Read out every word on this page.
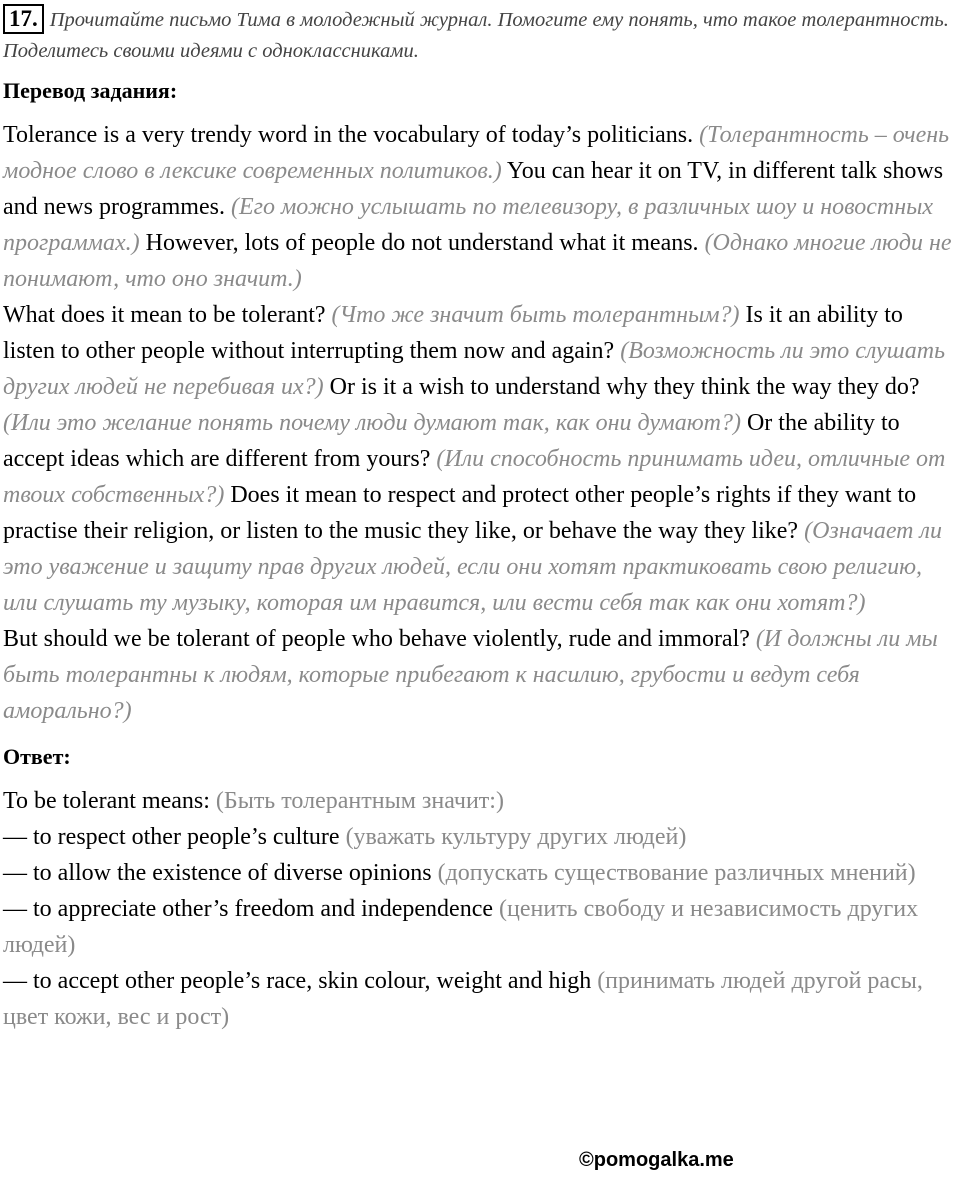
17. Прочитайте письмо Тима в молодежный журнал. Помогите ему понять, что такое толерантность. Поделитесь своими идеями с одноклассниками.
Перевод задания:

Tolerance is a very trendy word in the vocabulary of today’s politicians. (Толерантность – очень модное слово в лексике современных политиков.) You can hear it on TV, in different talk shows and news programmes. (Его можно услышать по телевизору, в различных шоу и новостных программах.) However, lots of people do not understand what it means. (Однако многие люди не понимают, что оно значит.)

What does it mean to be tolerant? (Что же значит быть толерантным?) Is it an ability to listen to other people without interrupting them now and again? (Возможность ли это слушать других людей не перебивая их?) Or is it a wish to understand why they think the way they do? (Или это желание понять почему люди думают так, как они думают?) Or the ability to accept ideas which are different from yours? (Или способность принимать идеи, отличные от твоих собственных?) Does it mean to respect and protect other people’s rights if they want to practise their religion, or listen to the music they like, or behave the way they like? (Означает ли это уважение и защиту прав других людей, если они хотят практиковать свою религию, или слушать ту музыку, которая им нравится, или вести себя так как они хотят?)

But should we be tolerant of people who behave violently, rude and immoral? (И должны ли мы быть толерантны к людям, которые прибегают к насилию, грубости и ведут себя аморально?)

Ответ:

To be tolerant means: (Быть толерантным значит:)

— to respect other people’s culture (уважать культуру других людей)

— to allow the existence of diverse opinions (допускать существование различных мнений)

— to appreciate other’s freedom and independence (ценить свободу и независимость других людей)

— to accept other people’s race, skin colour, weight and high (принимать людей другой расы, цвет кожи, вес и рост)

©pomogalka.me
